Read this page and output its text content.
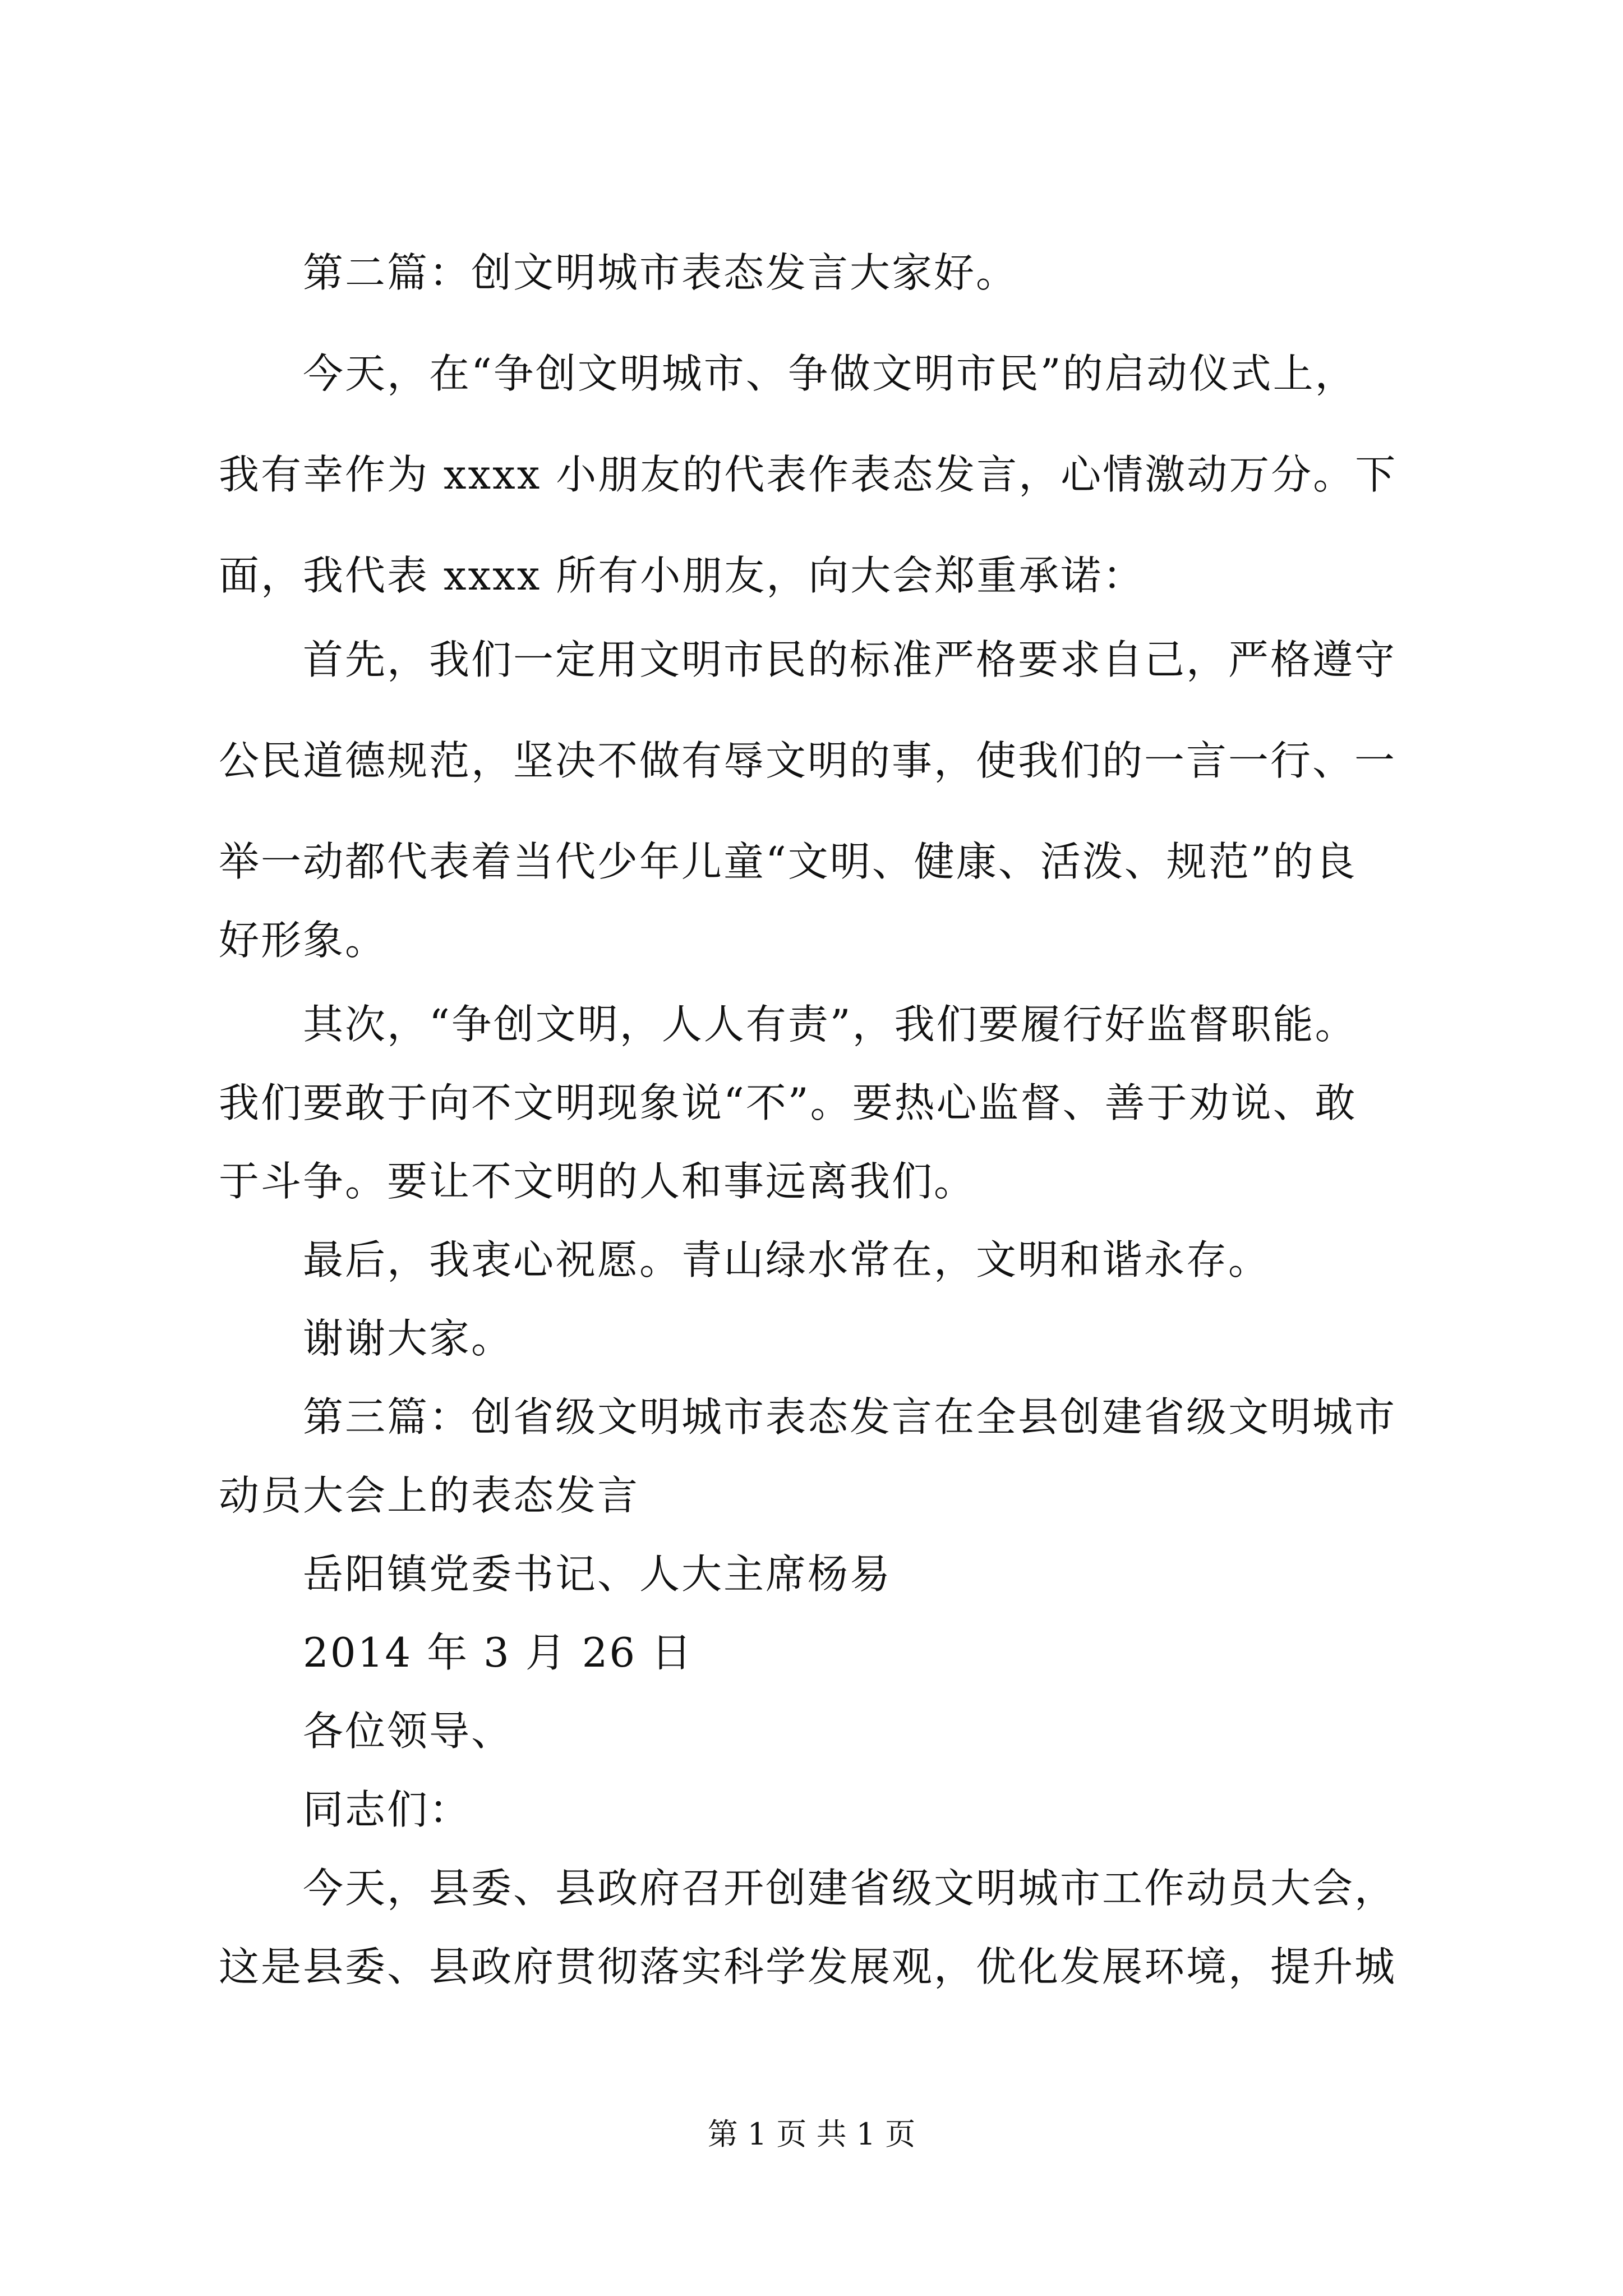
第二篇：创文明城市表态发言大家好。
今天，在“争创文明城市、争做文明市民”的启动仪式上，
我有幸作为 xxxx 小朋友的代表作表态发言，心情激动万分。下
面，我代表 xxxx 所有小朋友，向大会郑重承诺：
首先，我们一定用文明市民的标准严格要求自己，严格遵守
公民道德规范，坚决不做有辱文明的事，使我们的一言一行、一
举一动都代表着当代少年儿童“文明、健康、活泼、规范”的良
好形象。
其次，“争创文明，人人有责”，我们要履行好监督职能。
我们要敢于向不文明现象说“不”。要热心监督、善于劝说、敢
于斗争。要让不文明的人和事远离我们。
最后，我衷心祝愿。青山绿水常在，文明和谐永存。
谢谢大家。
第三篇：创省级文明城市表态发言在全县创建省级文明城市
动员大会上的表态发言
岳阳镇党委书记、人大主席杨易
2014 年 3 月 26 日
各位领导、
同志们：
今天，县委、县政府召开创建省级文明城市工作动员大会，
这是县委、县政府贯彻落实科学发展观，优化发展环境，提升城
第 1 页 共 1 页
